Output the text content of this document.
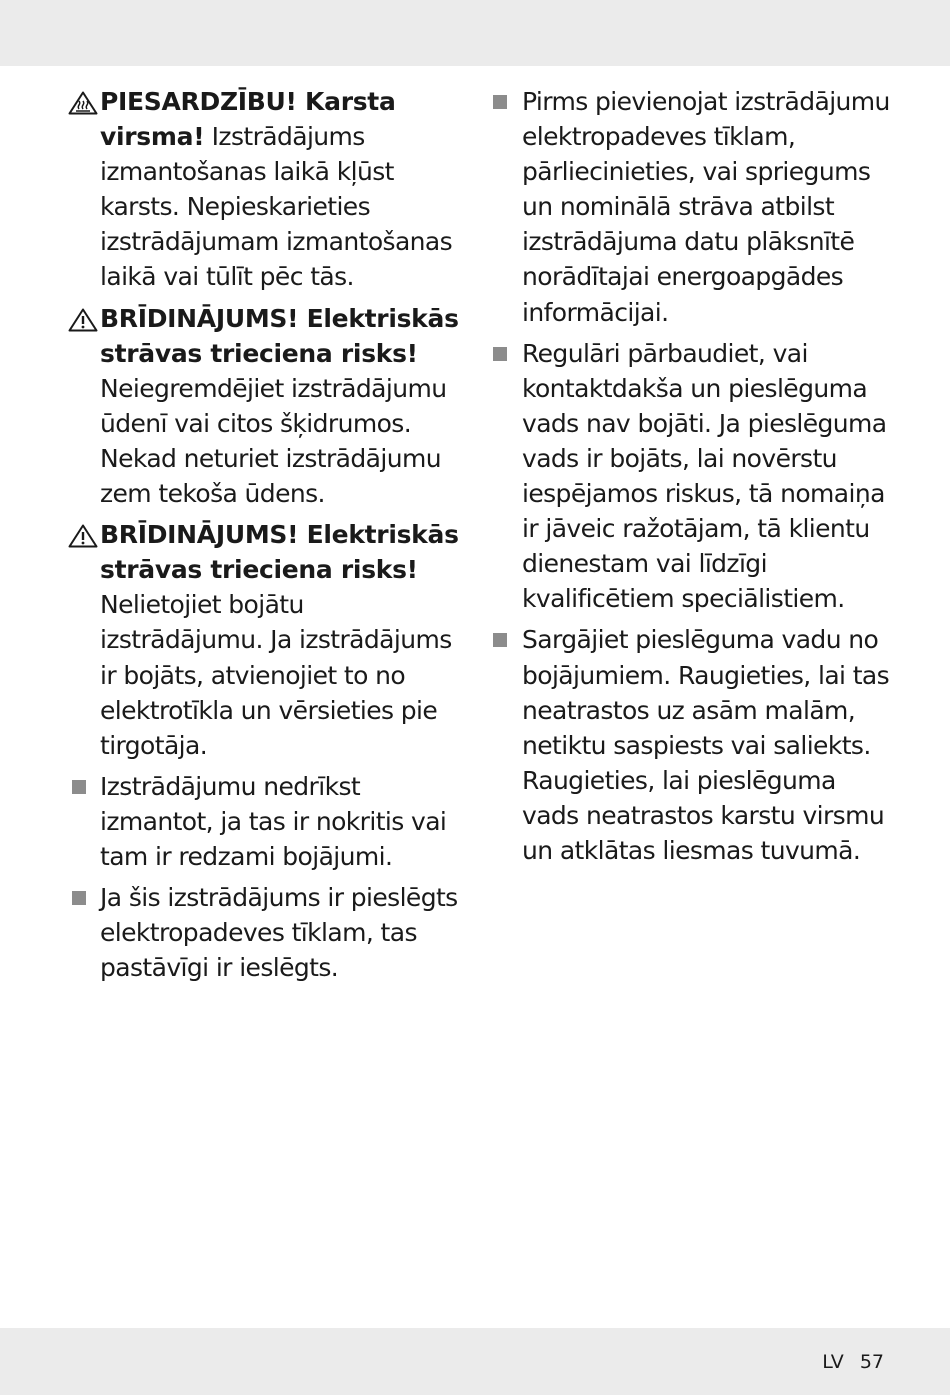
PIESARDZĪBU! Karsta virsma! Izstrādājums izmantošanas laikā kļūst karsts. Nepieskarieties izstrādājumam izmantošanas laikā vai tūlīt pēc tās.
BRĪDINĀJUMS! Elektriskās strāvas trieciena risks! Neiegremdējiet izstrādājumu ūdenī vai citos šķidrumos. Nekad neturiet izstrādājumu zem tekoša ūdens.
BRĪDINĀJUMS! Elektriskās strāvas trieciena risks! Nelietojiet bojātu izstrādājumu. Ja izstrādājums ir bojāts, atvienojiet to no elektrotīkla un vērsieties pie tirgotāja.
Izstrādājumu nedrīkst izmantot, ja tas ir nokritis vai tam ir redzami bojājumi.
Ja šis izstrādājums ir pieslēgts elektropadeves tīklam, tas pastāvīgi ir ieslēgts.
Pirms pievienojat izstrādājumu elektropadeves tīklam, pārliecinieties, vai spriegums un nominālā strāva atbilst izstrādājuma datu plāksnītē norādītajai energoapgādes informācijai.
Regulāri pārbaudiet, vai kontaktdakša un pieslēguma vads nav bojāti. Ja pieslēguma vads ir bojāts, lai novērstu iespējamos riskus, tā nomaiņa ir jāveic ražotājam, tā klientu dienestam vai līdzīgi kvalificētiem speciālistiem.
Sargājiet pieslēguma vadu no bojājumiem. Raugieties, lai tas neatrastos uz asām malām, netiktu saspiests vai saliekts. Raugieties, lai pieslēguma vads neatrastos karstu virsmu un atklātas liesmas tuvumā.
LV 57
